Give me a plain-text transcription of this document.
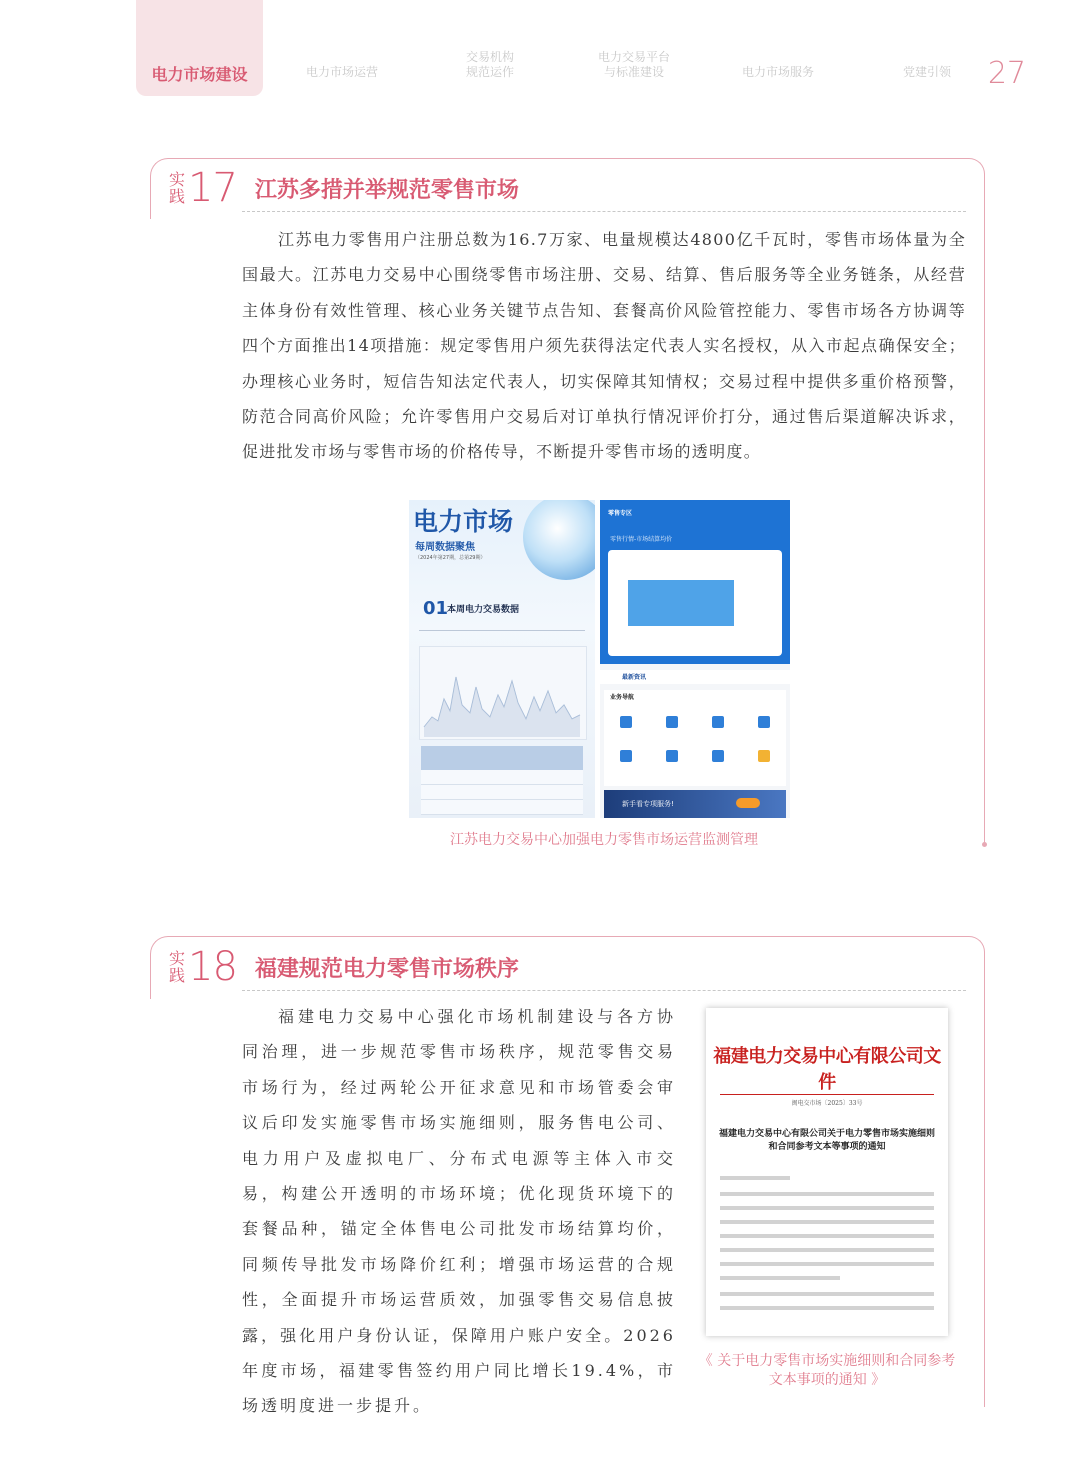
电力市场建设	电力市场运营
交易机构
规范运作
电力交易平台
与标准建设	电力市场服务	党建引领 27
实
践 17 江苏多措并举规范零售市场
江苏电力零售用户注册总数为16.7万家、电量规模达4800亿千瓦时，零售市场体量为全国最大。江苏电力交易中心围绕零售市场注册、交易、结算、售后服务等全业务链条，从经营主体身份有效性管理、核心业务关键节点告知、套餐高价风险管控能力、零售市场各方协调等四个方面推出14项措施：规定零售用户须先获得法定代表人实名授权，从入市起点确保安全；办理核心业务时，短信告知法定代表人，切实保障其知情权；交易过程中提供多重价格预警，防范合同高价风险；允许零售用户交易后对订单执行情况评价打分，通过售后渠道解决诉求，促进批发市场与零售市场的价格传导，不断提升零售市场的透明度。
电力市场
每周数据聚焦
（2024年第27期，总第29期）
01
本周电力交易数据
零售专区
零售行情-市场结算均价
最新资讯
业务导航
新手看专项服务!
江苏电力交易中心加强电力零售市场运营监测管理
实
践 18 福建规范电力零售市场秩序
福建电力交易中心强化市场机制建设与各方协同治理，进一步规范零售市场秩序，规范零售交易市场行为，经过两轮公开征求意见和市场管委会审议后印发实施零售市场实施细则，服务售电公司、电力用户及虚拟电厂、分布式电源等主体入市交易，构建公开透明的市场环境；优化现货环境下的套餐品种，锚定全体售电公司批发市场结算均价，同频传导批发市场降价红利；增强市场运营的合规性，全面提升市场运营质效，加强零售交易信息披露，强化用户身份认证，保障用户账户安全。2026年度市场，福建零售签约用户同比增长19.4%，市场透明度进一步提升。
福建电力交易中心有限公司文件
闽电交市场〔2025〕33号
福建电力交易中心有限公司关于电力零售市场实施细则和合同参考文本等事项的通知
《 关于电力零售市场实施细则和合同参考文本事项的通知 》
